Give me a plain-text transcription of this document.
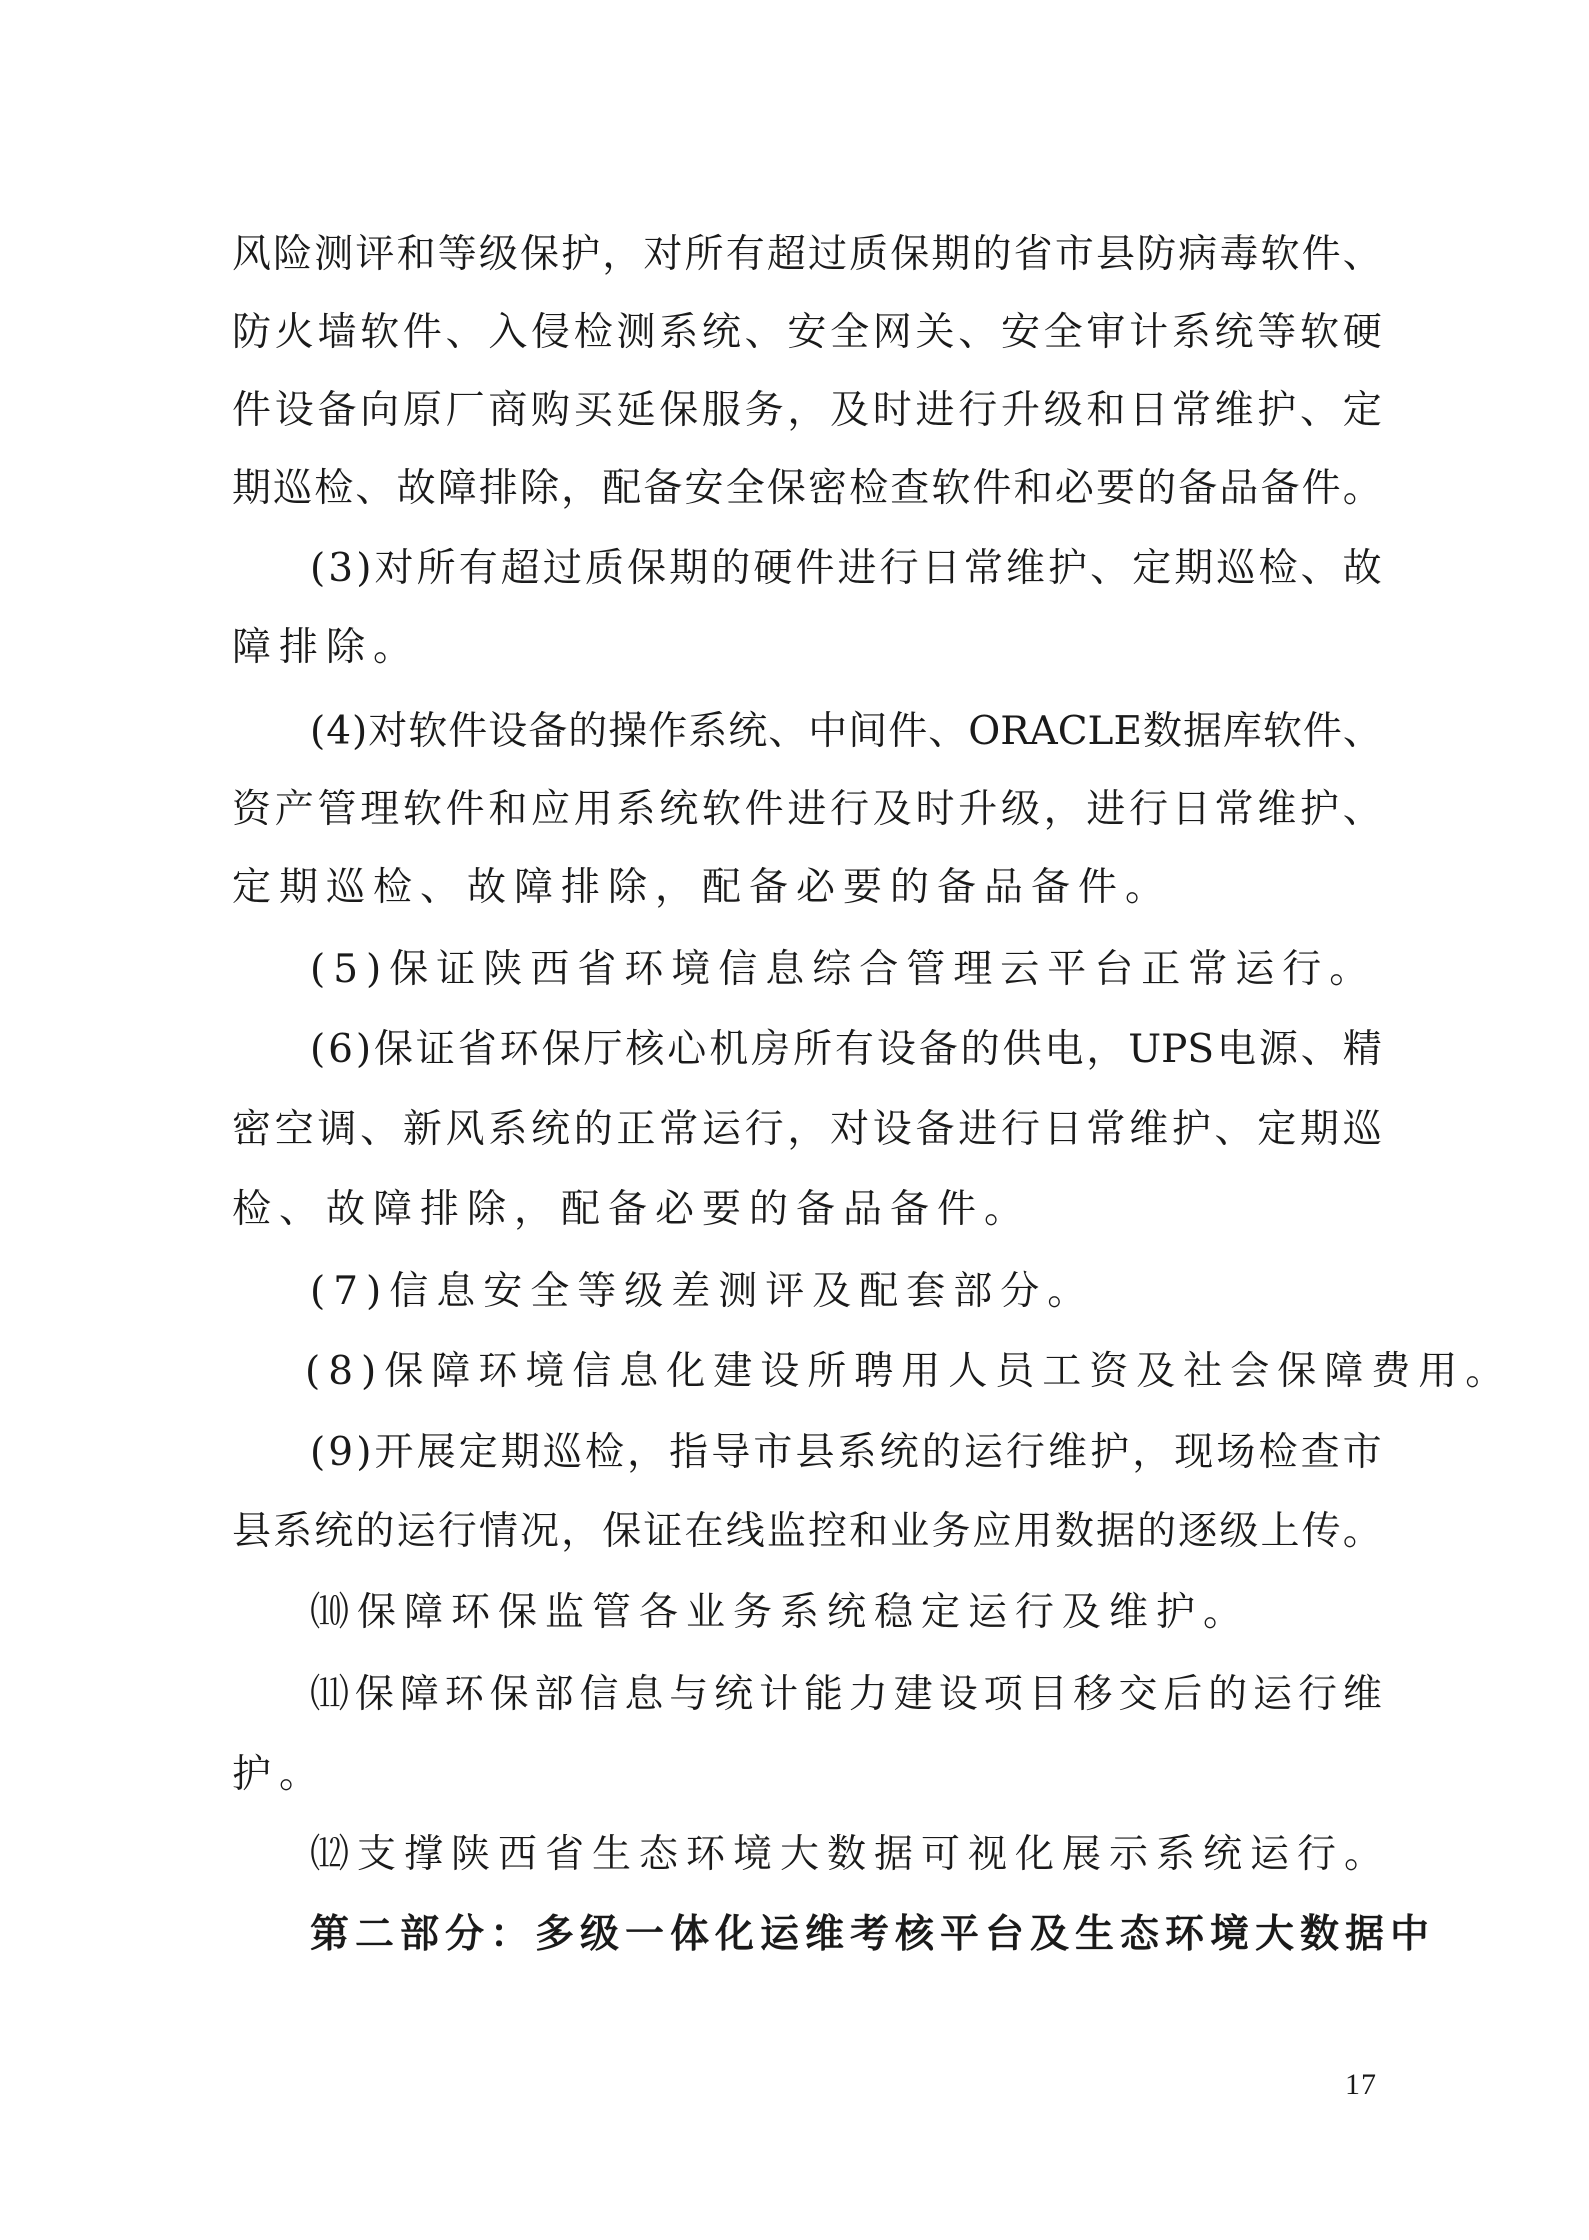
风 险 测 评 和 等 级 保 护 ， 对 所 有 超 过 质 保 期 的 省 市 县 防 病 毒 软 件 、
防 火 墙 软 件 、 入 侵 检 测 系 统 、 安 全 网 关 、 安 全 审 计 系 统 等 软 硬
件 设 备 向 原 厂 商 购 买 延 保 服 务 ， 及 时 进 行 升 级 和 日 常 维 护 、 定
期 巡 检 、 故 障 排 除 ， 配 备 安 全 保 密 检 查 软 件 和 必 要 的 备 品 备 件 。
( 3 ) 对 所 有 超 过 质 保 期 的 硬 件 进 行 日 常 维 护 、 定 期 巡 检 、 故
障排除。
( 4 ) 对 软 件 设 备 的 操 作 系 统 、 中 间 件 、 ORACLE 数 据 库 软 件 、
资 产 管 理 软 件 和 应 用 系 统 软 件 进 行 及 时 升 级 ， 进 行 日 常 维 护 、
定期巡检、故障排除，配备必要的备品备件。
(5)保证陕西省环境信息综合管理云平台正常运行。
( 6 ) 保 证 省 环 保 厅 核 心 机 房 所 有 设 备 的 供 电 ， UPS 电 源 、 精
密 空 调 、 新 风 系 统 的 正 常 运 行 ， 对 设 备 进 行 日 常 维 护 、 定 期 巡
检、故障排除，配备必要的备品备件。
(7)信息安全等级差测评及配套部分。
(8)保障环境信息化建设所聘用人员工资及社会保障费用。
( 9 ) 开 展 定 期 巡 检 ， 指 导 市 县 系 统 的 运 行 维 护 ， 现 场 检 查 市
县 系 统 的 运 行 情 况 ， 保 证 在 线 监 控 和 业 务 应 用 数 据 的 逐 级 上 传 。
⑽保障环保监管各业务系统稳定运行及维护。
⑾ 保 障 环 保 部 信 息 与 统 计 能 力 建 设 项 目 移 交 后 的 运 行 维
护。
⑿支撑陕西省生态环境大数据可视化展示系统运行。
第二部分：多级一体化运维考核平台及生态环境大数据中
17
